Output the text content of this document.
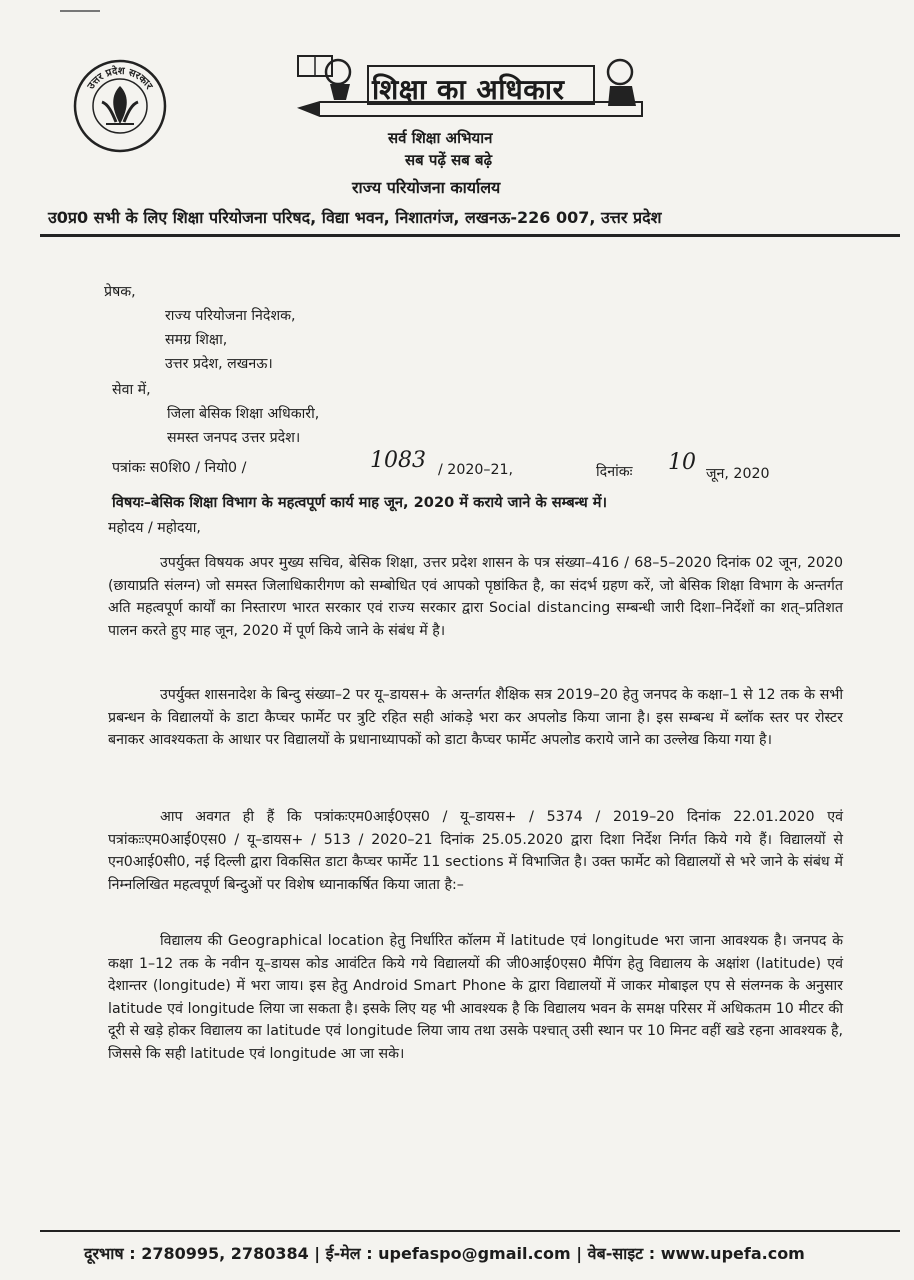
उत्तर प्रदेश सरकार	शिक्षा का अधिकार
सर्व शिक्षा अभियान
सब पढ़ें सब बढ़े
राज्य परियोजना कार्यालय
उ0प्र0 सभी के लिए शिक्षा परियोजना परिषद, विद्या भवन, निशातगंज, लखनऊ-226 007, उत्तर प्रदेश
प्रेषक,
राज्य परियोजना निदेशक,
समग्र शिक्षा,
उत्तर प्रदेश, लखनऊ।
सेवा में,
जिला बेसिक शिक्षा अधिकारी,
समस्त जनपद उत्तर प्रदेश।
पत्रांकः स0शि0 / नियो0 /	1083 / 2020–21,	दिनांकः 10 जून, 2020
विषयः–बेसिक शिक्षा विभाग के महत्वपूर्ण कार्य माह जून, 2020 में कराये जाने के सम्बन्ध में।
महोदय / महोदया,

उपर्युक्त विषयक अपर मुख्य सचिव, बेसिक शिक्षा, उत्तर प्रदेश शासन के पत्र संख्या–416 / 68–5–2020 दिनांक 02 जून, 2020 (छायाप्रति संलग्न) जो समस्त जिलाधिकारीगण को सम्बोधित एवं आपको पृष्ठांकित है, का संदर्भ ग्रहण करें, जो बेसिक शिक्षा विभाग के अन्तर्गत अति महत्वपूर्ण कार्यों का निस्तारण भारत सरकार एवं राज्य सरकार द्वारा Social distancing सम्बन्धी जारी दिशा–निर्देशों का शत्–प्रतिशत पालन करते हुए माह जून, 2020 में पूर्ण किये जाने के संबंध में है।

उपर्युक्त शासनादेश के बिन्दु संख्या–2 पर यू–डायस+ के अन्तर्गत शैक्षिक सत्र 2019–20 हेतु जनपद के कक्षा–1 से 12 तक के सभी प्रबन्धन के विद्यालयों के डाटा कैप्चर फार्मेट पर त्रुटि रहित सही आंकड़े भरा कर अपलोड किया जाना है। इस सम्बन्ध में ब्लॉक स्तर पर रोस्टर बनाकर आवश्यकता के आधार पर विद्यालयों के प्रधानाध्यापकों को डाटा कैप्चर फार्मेट अपलोड कराये जाने का उल्लेख किया गया है।

आप अवगत ही हैं कि पत्रांकःएम0आई0एस0 / यू–डायस+ / 5374 / 2019–20 दिनांक 22.01.2020 एवं पत्रांकःःएम0आई0एस0 / यू–डायस+ / 513 / 2020–21 दिनांक 25.05.2020 द्वारा दिशा निर्देश निर्गत किये गये हैं। विद्यालयों से एन0आई0सी0, नई दिल्ली द्वारा विकसित डाटा कैप्चर फार्मेट 11 sections में विभाजित है। उक्त फार्मेट को विद्यालयों से भरे जाने के संबंध में निम्नलिखित महत्वपूर्ण बिन्दुओं पर विशेष ध्यानाकर्षित किया जाता है:–

विद्यालय की Geographical location हेतु निर्धारित कॉलम में latitude एवं longitude भरा जाना आवश्यक है। जनपद के कक्षा 1–12 तक के नवीन यू–डायस कोड आवंटित किये गये विद्यालयों की जी0आई0एस0 मैपिंग हेतु विद्यालय के अक्षांश (latitude) एवं देशान्तर (longitude) में भरा जाय। इस हेतु Android Smart Phone के द्वारा विद्यालयों में जाकर मोबाइल एप से संलग्नक के अनुसार latitude एवं longitude लिया जा सकता है। इसके लिए यह भी आवश्यक है कि विद्यालय भवन के समक्ष परिसर में अधिकतम 10 मीटर की दूरी से खड़े होकर विद्यालय का latitude एवं longitude लिया जाय तथा उसके पश्चात् उसी स्थान पर 10 मिनट वहीं खडे रहना आवश्यक है, जिससे कि सही latitude एवं longitude आ जा सके।

दूरभाष : 2780995, 2780384 | ई-मेल : upefaspo@gmail.com | वेब-साइट : www.upefa.com
